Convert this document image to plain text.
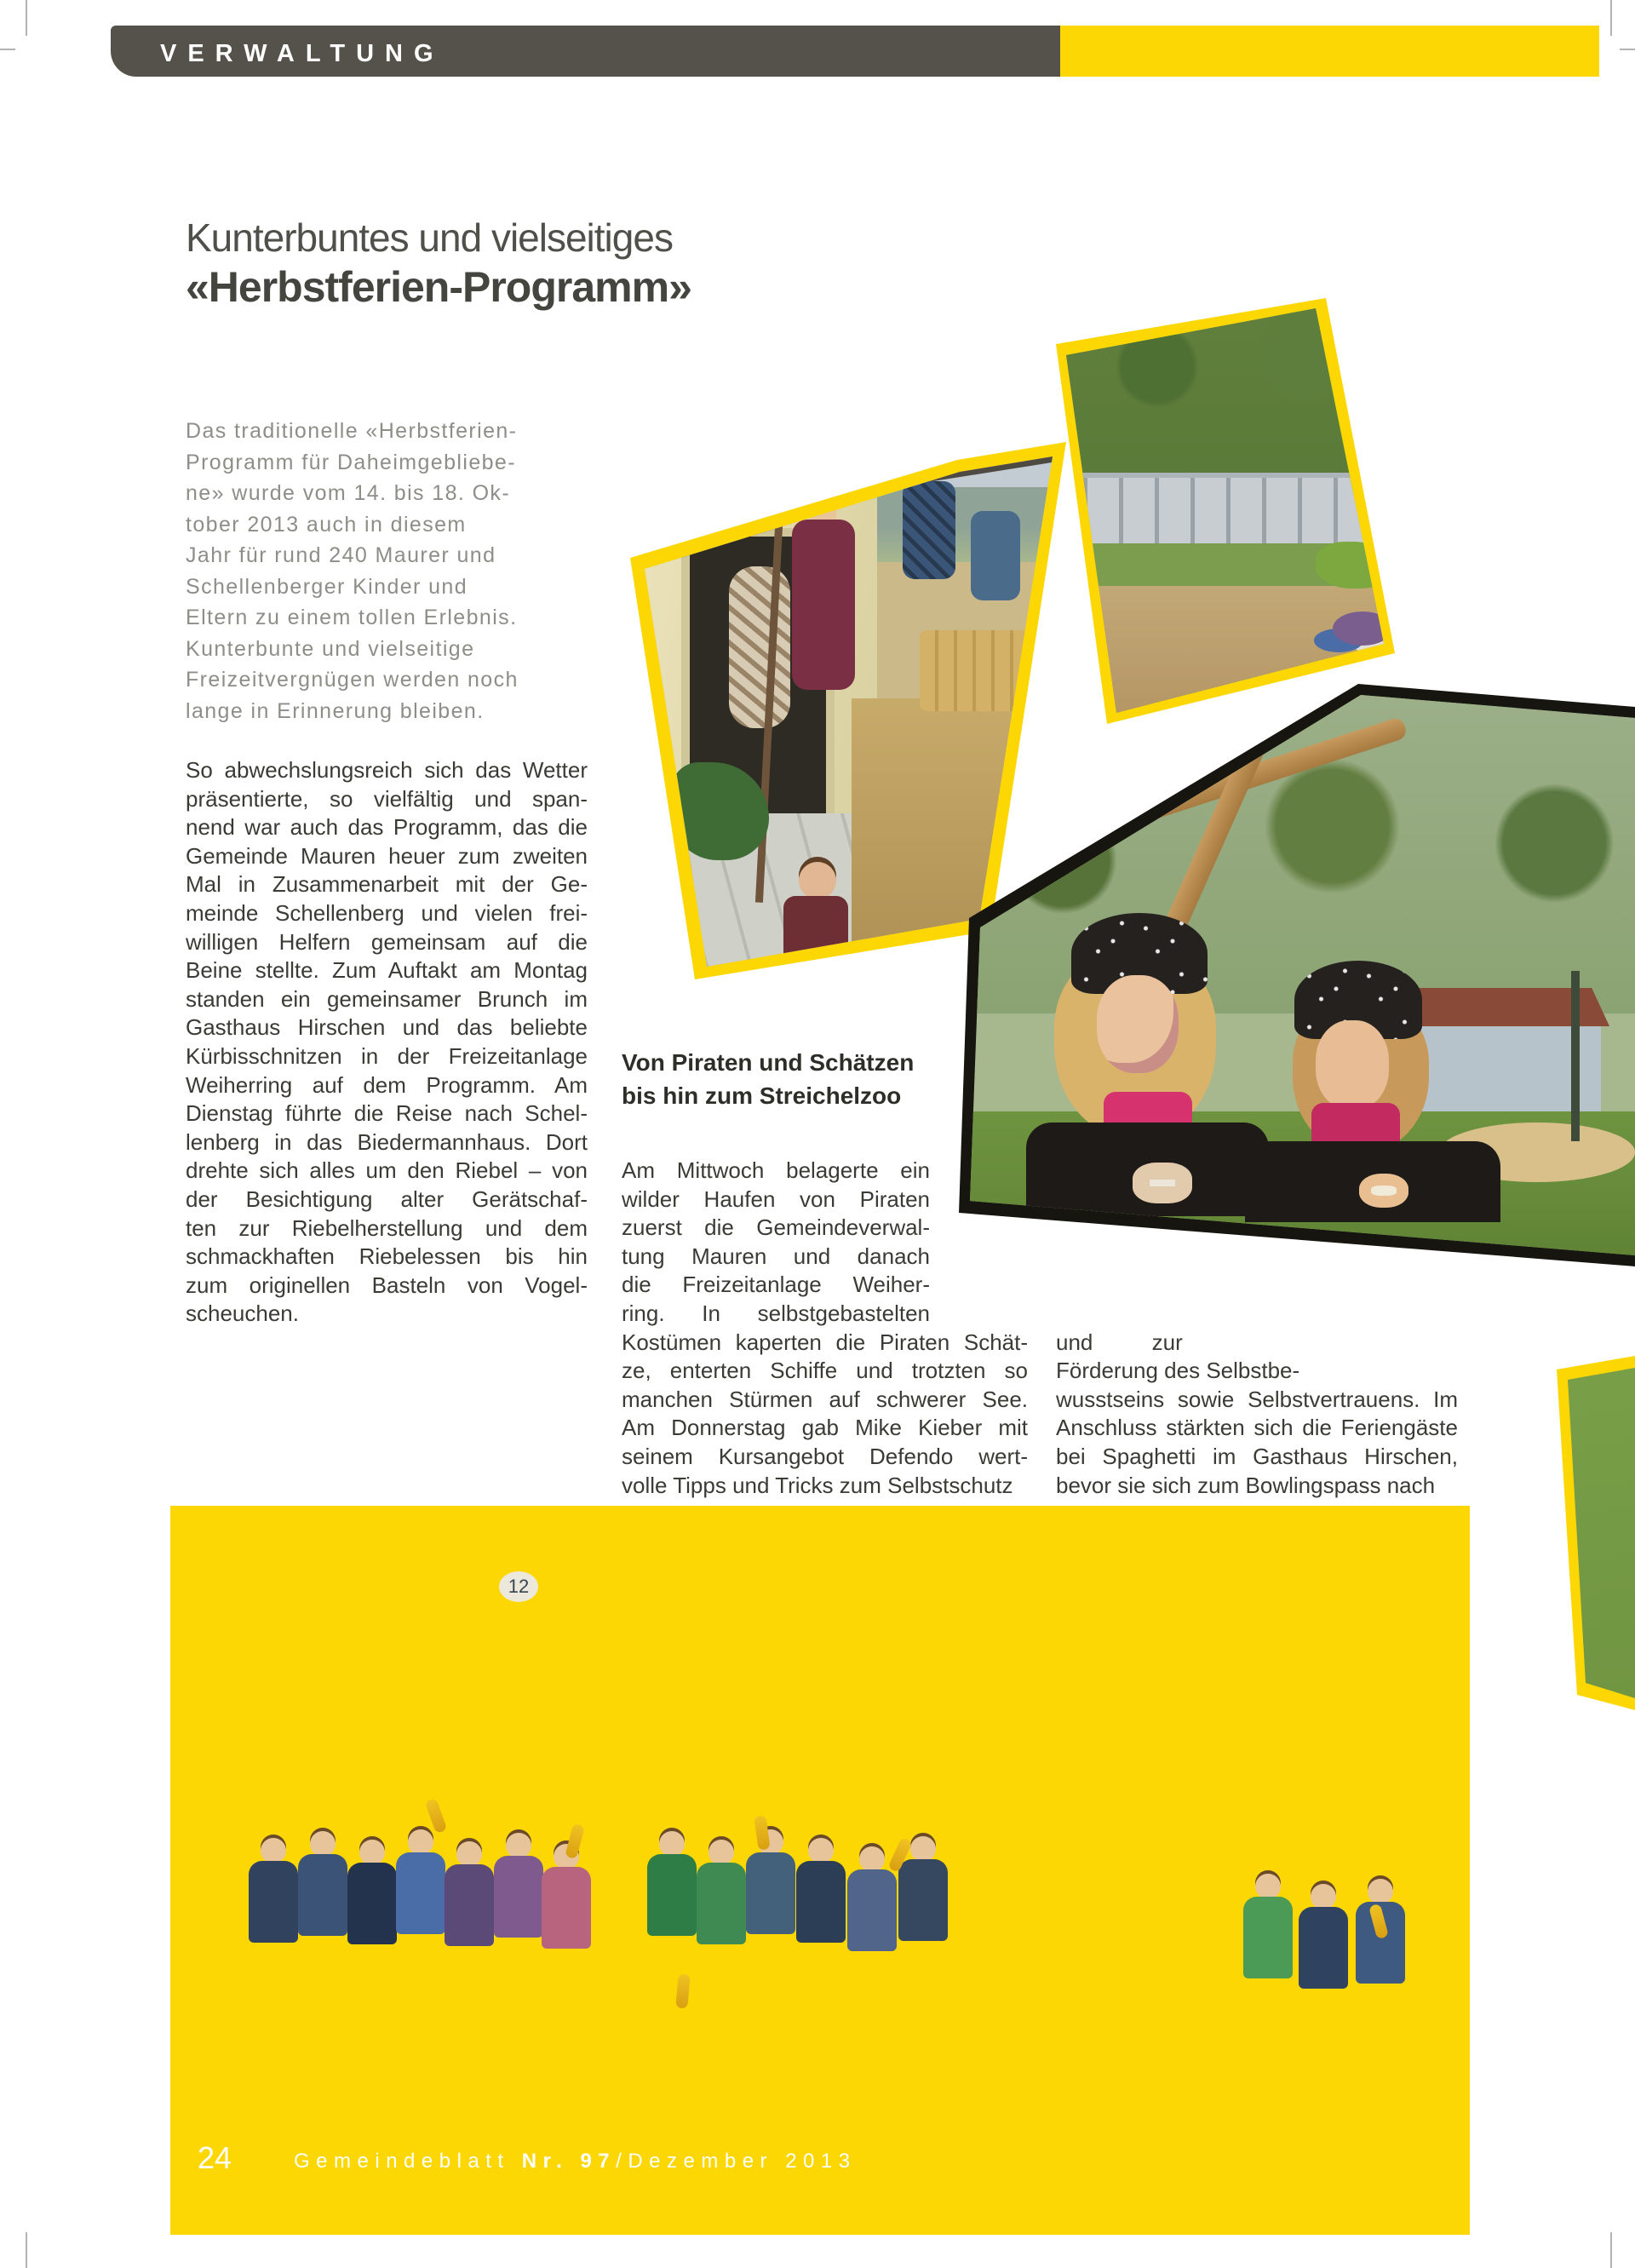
VERWALTUNG
Kunterbuntes und vielseitiges
«Herbstferien-Programm»
Das traditionelle «Herbstferien-
Programm für Daheimgebliebe-
ne» wurde vom 14. bis 18. Ok-
tober 2013 auch in diesem
Jahr für rund 240 Maurer und
Schellenberger Kinder und
Eltern zu einem tollen Erlebnis.
Kunterbunte und vielseitige
Freizeitvergnügen werden noch
lange in Erinnerung bleiben.
So abwechslungsreich sich das Wetter
präsentierte, so vielfältig und span-
nend war auch das Programm, das die
Gemeinde Mauren heuer zum zweiten
Mal in Zusammenarbeit mit der Ge-
meinde Schellenberg und vielen frei-
willigen Helfern gemeinsam auf die
Beine stellte. Zum Auftakt am Montag
standen ein gemeinsamer Brunch im
Gasthaus Hirschen und das beliebte
Kürbisschnitzen in der Freizeitanlage
Weiherring auf dem Programm. Am
Dienstag führte die Reise nach Schel-
lenberg in das Biedermannhaus. Dort
drehte sich alles um den Riebel – von
der Besichtigung alter Gerätschaf-
ten zur Riebelherstellung und dem
schmackhaften Riebelessen bis hin
zum originellen Basteln von Vogel-
scheuchen.
Von Piraten und Schätzen
bis hin zum Streichelzoo
Am Mittwoch belagerte ein
wilder Haufen von Piraten
zuerst die Gemeindeverwal-
tung Mauren und danach
die Freizeitanlage Weiher-
ring. In selbstgebastelten
Kostümen kaperten die Piraten Schät-
ze, enterten Schiffe und trotzten so
manchen Stürmen auf schwerer See.
Am Donnerstag gab Mike Kieber mit
seinem Kursangebot Defendo wert-
volle Tipps und Tricks zum Selbstschutz
und zur
Förderung des Selbstbe-
wusstseins sowie Selbstvertrauens. Im
Anschluss stärkten sich die Feriengäste
bei Spaghetti im Gasthaus Hirschen,
bevor sie sich zum Bowlingspass nach
12
24	Gemeindeblatt Nr. 97/Dezember 2013
